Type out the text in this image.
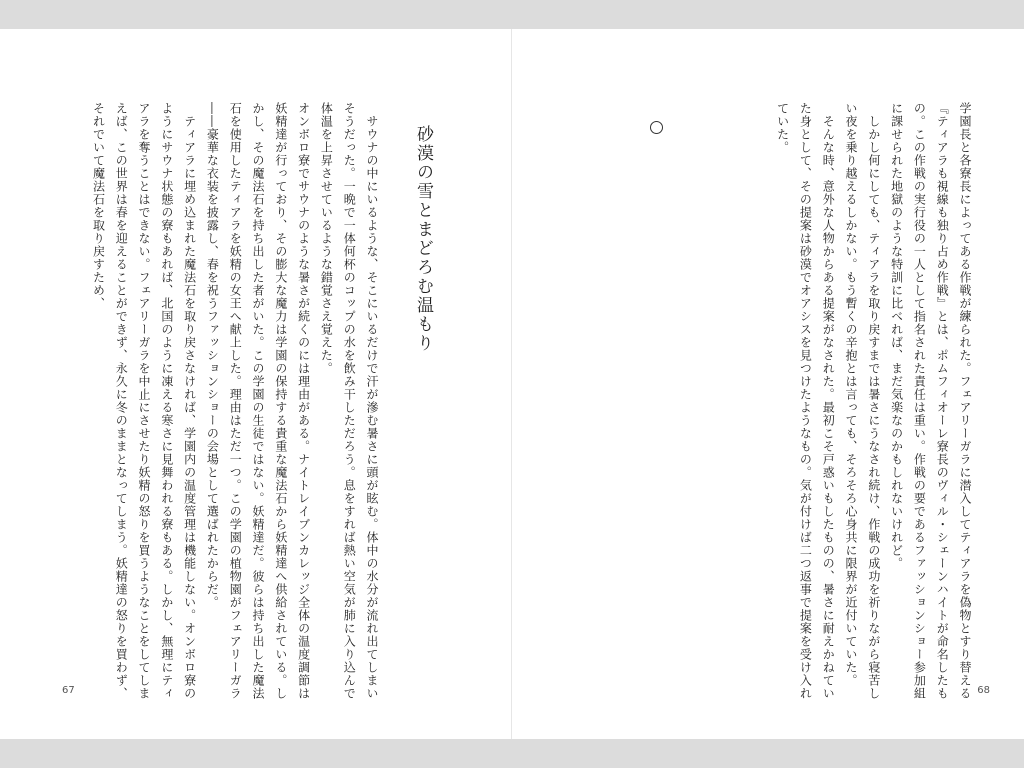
砂漠の雪とまどろむ温もり
　サウナの中にいるような、そこにいるだけで汗が滲む暑さに頭が眩む。体中の水分が流れ出てしまいそうだった。一晩で一体何杯のコップの水を飲み干しただろう。息をすれば熱い空気が肺に入り込んで体温を上昇させているような錯覚さえ覚えた。
オンボロ寮でサウナのような暑さが続くのには理由がある。ナイトレイブンカレッジ全体の温度調節は妖精達が行っており、その膨大な魔力は学園の保持する貴重な魔法石から妖精達へ供給されている。しかし、その魔法石を持ち出した者がいた。この学園の生徒ではない。妖精達だ。彼らは持ち出した魔法石を使用したティアラを妖精の女王へ献上した。理由はただ一つ。この学園の植物園がフェアリーガラ――豪華な衣装を披露し、春を祝うファッションショーの会場として選ばれたからだ。
　ティアラに埋め込まれた魔法石を取り戻さなければ、学園内の温度管理は機能しない。オンボロ寮のようにサウナ状態の寮もあれば、北国のように凍える寒さに見舞われる寮もある。しかし、無理にティアラを奪うことはできない。フェアリーガラを中止にさせたり妖精の怒りを買うようなことをしてしまえば、この世界は春を迎えることができず、永久に冬のままとなってしまう。妖精達の怒りを買わず、それでいて魔法石を取り戻すため、
67	学園長と各寮長によってある作戦が練られた。フェアリーガラに潜入してティアラを偽物とすり替える『ティアラも視線も独り占め作戦』とは、ポムフィオーレ寮長のヴィル・シェーンハイトが命名したもの。この作戦の実行役の一人として指名された責任は重い。作戦の要であるファッションショー参加組に課せられた地獄のような特訓に比べれば、まだ気楽なのかもしれないけれど。
　しかし何にしても、ティアラを取り戻すまでは暑さにうなされ続け、作戦の成功を祈りながら寝苦しい夜を乗り越えるしかない。もう暫くの辛抱とは言っても、そろそろ心身共に限界が近付いていた。
　そんな時、意外な人物からある提案がなされた。最初こそ戸惑いもしたものの、暑さに耐えかねていた身として、その提案は砂漠でオアシスを見つけたようなもの。気が付けば二つ返事で提案を受け入れていた。
68
